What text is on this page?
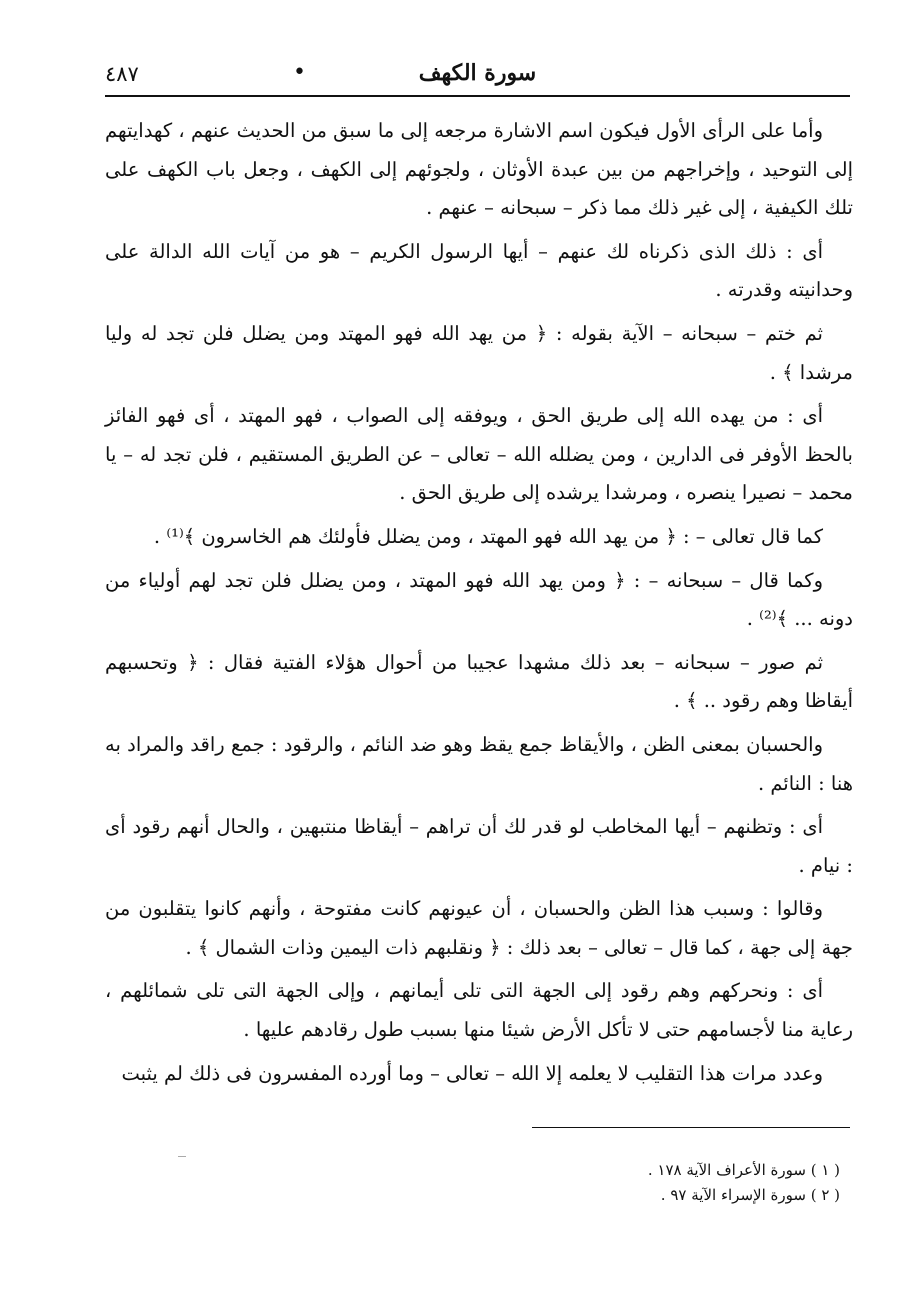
٤٨٧	سورة الكهف
•

وأما على الرأى الأول فيكون اسم الاشارة مرجعه إلى ما سبق من الحديث عنهم ، كهدايتهم إلى التوحيد ، وإخراجهم من بين عبدة الأوثان ، ولجوئهم إلى الكهف ، وجعل باب الكهف على تلك الكيفية ، إلى غير ذلك مما ذكر – سبحانه – عنهم .

أى : ذلك الذى ذكرناه لك عنهم – أيها الرسول الكريم – هو من آيات الله الدالة على وحدانيته وقدرته .

ثم ختم – سبحانه – الآية بقوله : ﴿ من يهد الله فهو المهتد ومن يضلل فلن تجد له وليا مرشدا ﴾ .

أى : من يهده الله إلى طريق الحق ، ويوفقه إلى الصواب ، فهو المهتد ، أى فهو الفائز بالحظ الأوفر فى الدارين ، ومن يضلله الله – تعالى – عن الطريق المستقيم ، فلن تجد له – يا محمد – نصيرا ينصره ، ومرشدا يرشده إلى طريق الحق .

كما قال تعالى – : ﴿ من يهد الله فهو المهتد ، ومن يضلل فأولئك هم الخاسرون ﴾⁽¹⁾ .

وكما قال – سبحانه – : ﴿ ومن يهد الله فهو المهتد ، ومن يضلل فلن تجد لهم أولياء من دونه ... ﴾⁽²⁾ .

ثم صور – سبحانه – بعد ذلك مشهدا عجيبا من أحوال هؤلاء الفتية فقال : ﴿ وتحسبهم أيقاظا وهم رقود .. ﴾ .

والحسبان بمعنى الظن ، والأيقاظ جمع يقظ وهو ضد النائم ، والرقود : جمع راقد والمراد به هنا : النائم .

أى : وتظنهم – أيها المخاطب لو قدر لك أن تراهم – أيقاظا منتبهين ، والحال أنهم رقود أى : نيام .

وقالوا : وسبب هذا الظن والحسبان ، أن عيونهم كانت مفتوحة ، وأنهم كانوا يتقلبون من جهة إلى جهة ، كما قال – تعالى – بعد ذلك : ﴿ ونقلبهم ذات اليمين وذات الشمال ﴾ .

أى : ونحركهم وهم رقود إلى الجهة التى تلى أيمانهم ، وإلى الجهة التى تلى شمائلهم ، رعاية منا لأجسامهم حتى لا تأكل الأرض شيئا منها بسبب طول رقادهم عليها .

وعدد مرات هذا التقليب لا يعلمه إلا الله – تعالى – وما أورده المفسرون فى ذلك لم يثبت

( ١ ) سورة الأعراف الآية ١٧٨ .
( ٢ ) سورة الإسراء الآية ٩٧ .
